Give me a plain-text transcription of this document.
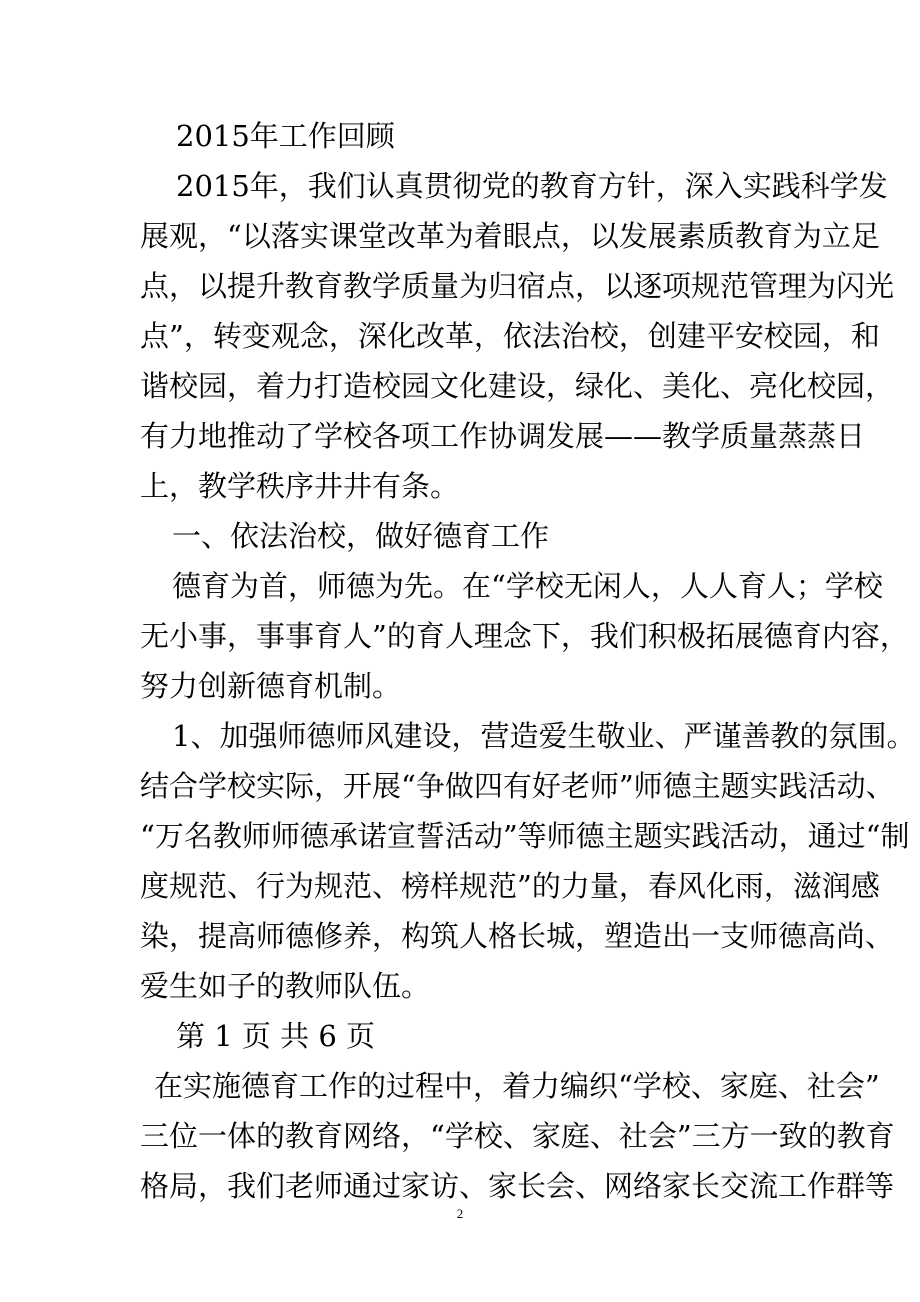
2015年工作回顾
2015年，我们认真贯彻党的教育方针，深入实践科学发
展观，“以落实课堂改革为着眼点，以发展素质教育为立足
点，以提升教育教学质量为归宿点，以逐项规范管理为闪光
点”，转变观念，深化改革，依法治校，创建平安校园，和
谐校园，着力打造校园文化建设，绿化、美化、亮化校园，
有力地推动了学校各项工作协调发展——教学质量蒸蒸日
上，教学秩序井井有条。
一、依法治校，做好德育工作
德育为首，师德为先。在“学校无闲人，人人育人；学校
无小事，事事育人”的育人理念下，我们积极拓展德育内容，
努力创新德育机制。
1、加强师德师风建设，营造爱生敬业、严谨善教的氛围。
结合学校实际，开展“争做四有好老师”师德主题实践活动、
“万名教师师德承诺宣誓活动”等师德主题实践活动，通过“制
度规范、行为规范、榜样规范”的力量，春风化雨，滋润感
染，提高师德修养，构筑人格长城，塑造出一支师德高尚、
爱生如子的教师队伍。
第 1 页 共 6 页
在实施德育工作的过程中，着力编织“学校、家庭、社会”
三位一体的教育网络，“学校、家庭、社会”三方一致的教育
格局，我们老师通过家访、家长会、网络家长交流工作群等
2
